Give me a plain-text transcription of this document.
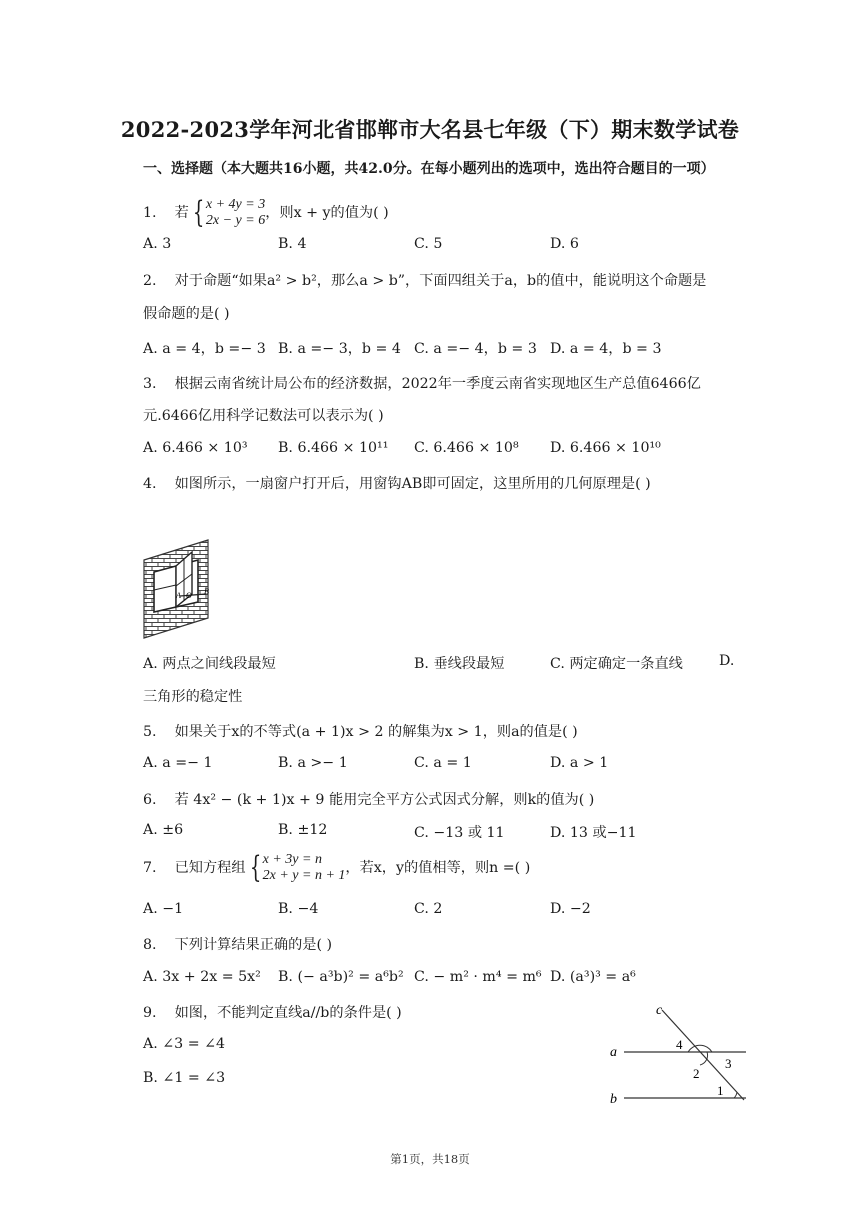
2022-2023学年河北省邯郸市大名县七年级（下）期末数学试卷
一、选择题（本大题共16小题，共42.0分。在每小题列出的选项中，选出符合题目的一项）
1. 若 { x + 4y = 3
2x − y = 6 ，则x + y的值为( )
A. 3	B. 4	C. 5	D. 6
2. 对于命题“如果a² > b²，那么a > b”，下面四组关于a，b的值中，能说明这个命题是
假命题的是( )
A. a = 4，b =− 3 B. a =− 3，b = 4 C. a =− 4，b = 3 D. a = 4，b = 3
3. 根据云南省统计局公布的经济数据，2022年一季度云南省实现地区生产总值6466亿
元.6466亿用科学记数法可以表示为( )
A. 6.466 × 10³ B. 6.466 × 10¹¹ C. 6.466 × 10⁸ D. 6.466 × 10¹⁰
4. 如图所示，一扇窗户打开后，用窗钩AB即可固定，这里所用的几何原理是( )
A O B
A. 两点之间线段最短	B. 垂线段最短	C. 两定确定一条直线	D.
三角形的稳定性
5. 如果关于x的不等式(a + 1)x > 2 的解集为x > 1，则a的值是( )
A. a =− 1	B. a >− 1	C. a = 1	D. a > 1
6. 若 4x² − (k + 1)x + 9 能用完全平方公式因式分解，则k的值为( )
A. ±6	B. ±12	C. −13 或 11	D. 13 或−11
7. 已知方程组 { x + 3y = n
2x + y = n + 1 ，若x，y的值相等，则n =( )
A. −1	B. −4	C. 2	D. −2
8. 下列计算结果正确的是( )
A. 3x + 2x = 5x² B. (− a³b)² = a⁶b² C. − m² · m⁴ = m⁶ D. (a³)³ = a⁶
9. 如图，不能判定直线a//b的条件是( )
A. ∠3 = ∠4
B. ∠1 = ∠3
c
a
b
4
2
3
1
第1页，共18页
